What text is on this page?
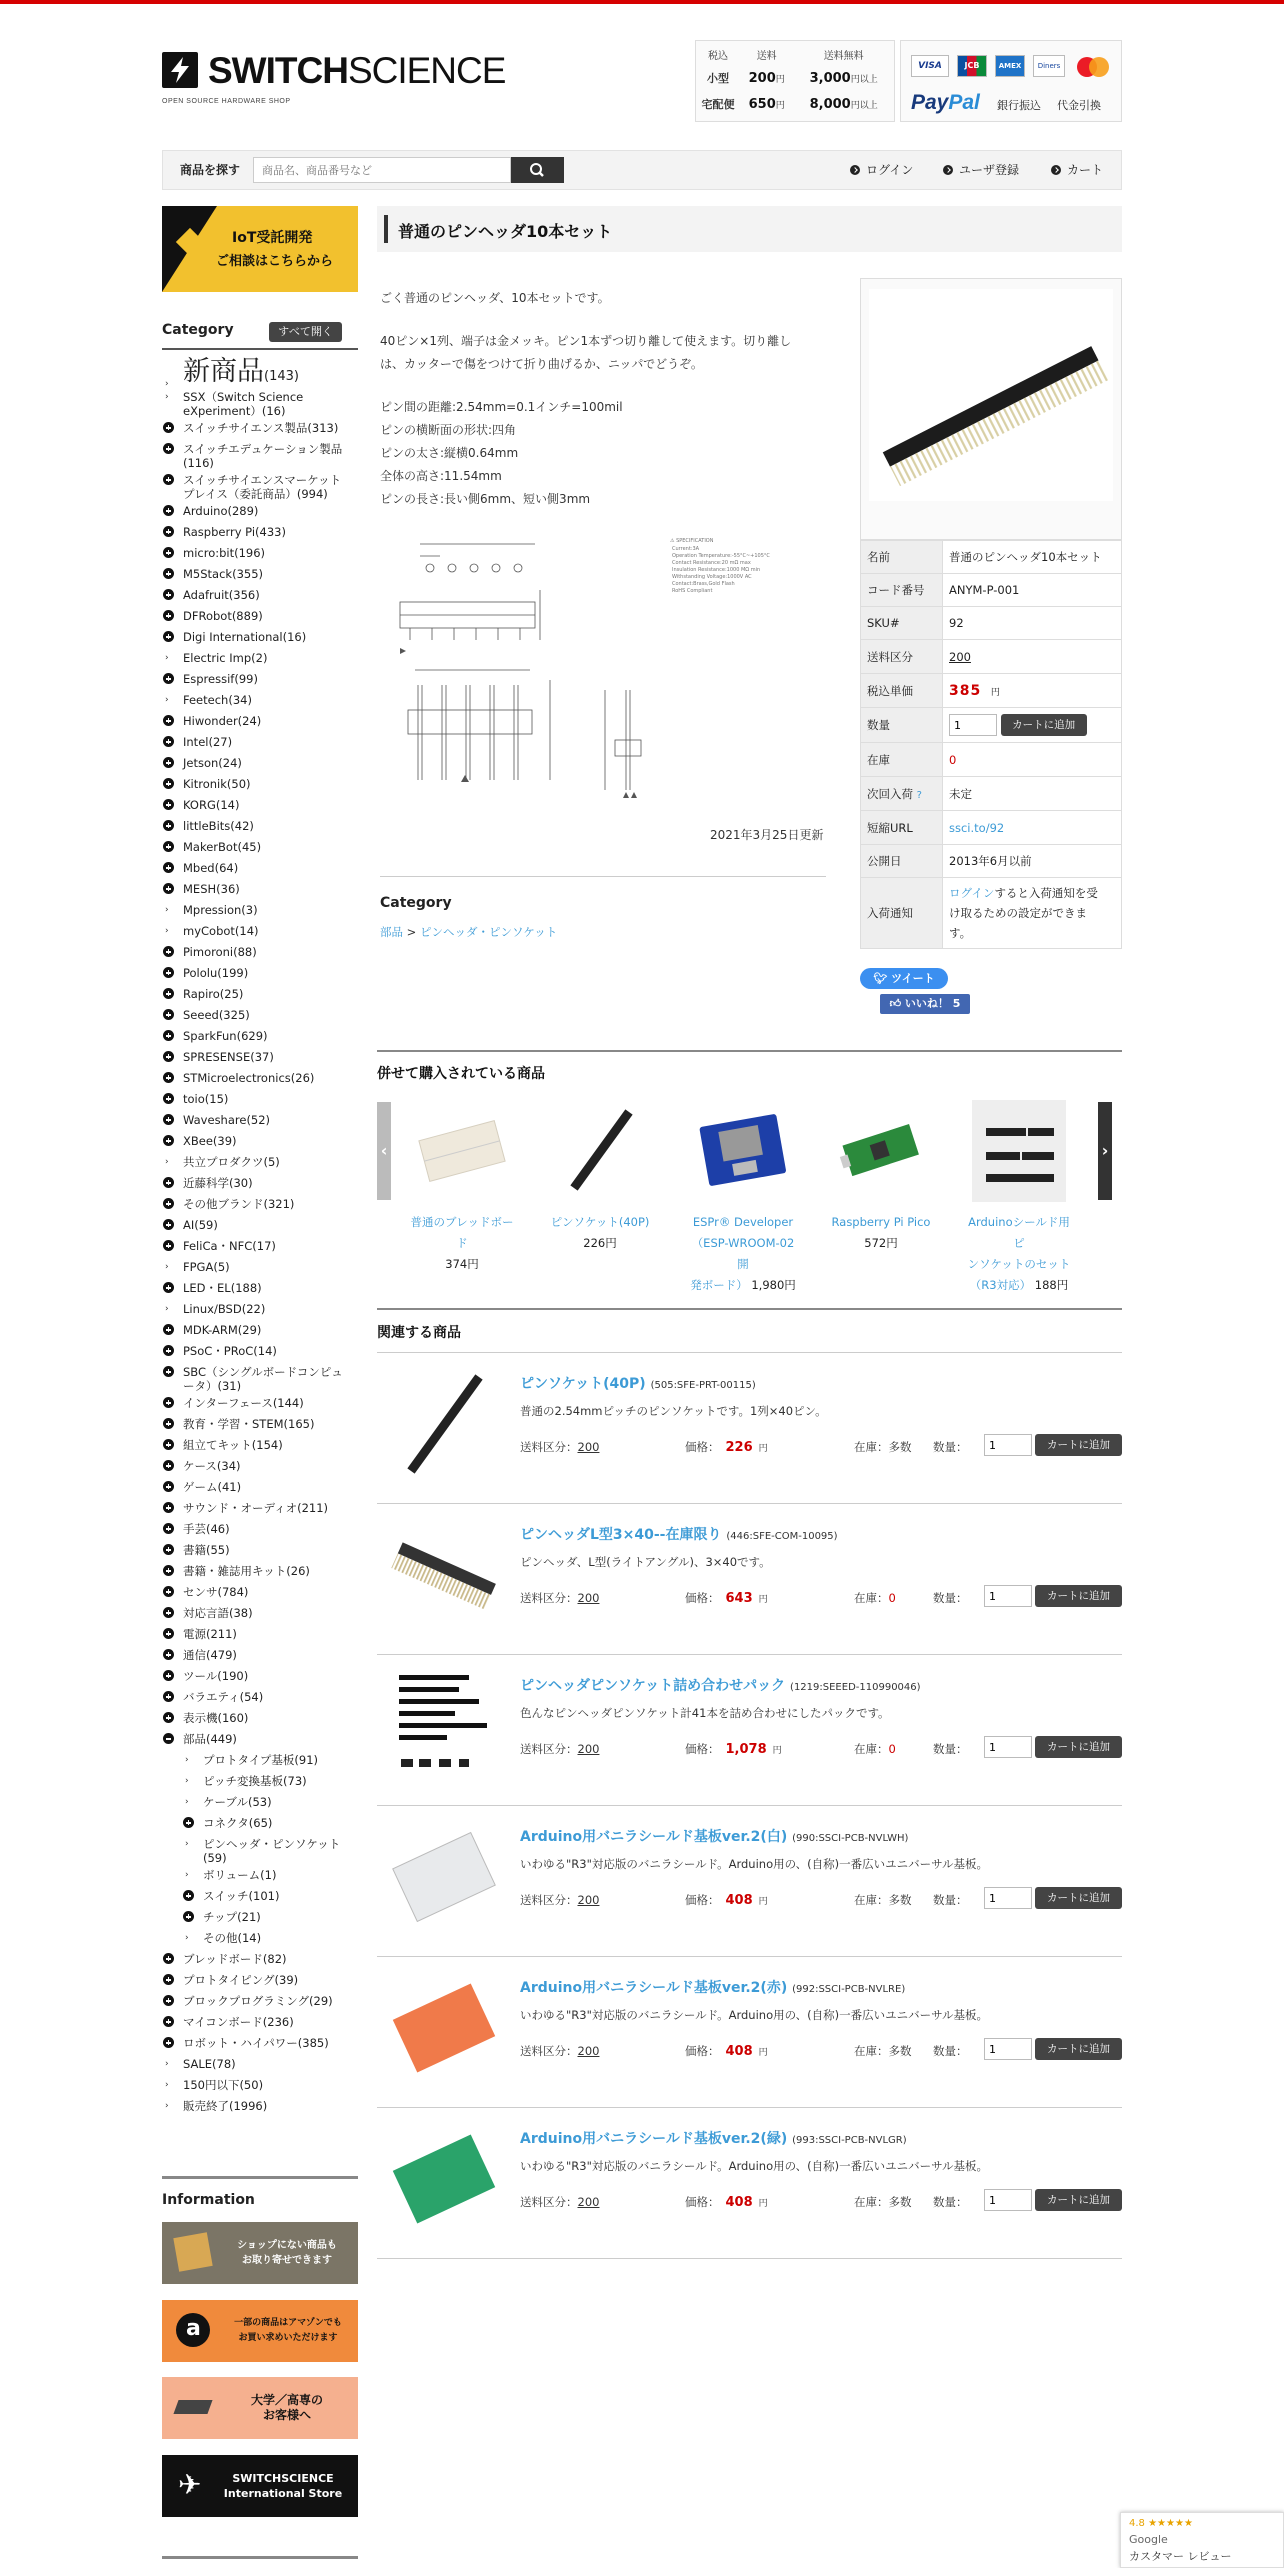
SWITCHSCIENCE
OPEN SOURCE HARDWARE SHOP
税込	送料	送料無料
小型	200円	3,000円以上
宅配便	650円	8,000円以上
VISA	JCB	AMEX	Diners
PayPal 銀行振込 代金引換
商品を探す
商品名、商品番号など	ログイン	ユーザ登録	カート
IoT受託開発
ご相談はこちらから
Category	すべて開く
› 新商品(143)
› SSX（Switch Science
eXperiment）(16)
スイッチサイエンス製品(313)
スイッチエデュケーション製品
(116)
スイッチサイエンスマーケット
プレイス（委託商品）(994)
Arduino(289)
Raspberry Pi(433)
micro:bit(196)
M5Stack(355)
Adafruit(356)
DFRobot(889)
Digi International(16)
› Electric Imp(2)
Espressif(99)
› Feetech(34)
Hiwonder(24)
Intel(27)
Jetson(24)
Kitronik(50)
KORG(14)
littleBits(42)
MakerBot(45)
Mbed(64)
MESH(36)
› Mpression(3)
› myCobot(14)
Pimoroni(88)
Pololu(199)
Rapiro(25)
Seeed(325)
SparkFun(629)
SPRESENSE(37)
STMicroelectronics(26)
toio(15)
Waveshare(52)
XBee(39)
› 共立プロダクツ(5)
近藤科学(30)
その他ブランド(321)
AI(59)
FeliCa・NFC(17)
› FPGA(5)
LED・EL(188)
› Linux/BSD(22)
MDK-ARM(29)
PSoC・PRoC(14)
SBC（シングルボードコンピュ
ータ）(31)
インターフェース(144)
教育・学習・STEM(165)
組立てキット(154)
ケース(34)
ゲーム(41)
サウンド・オーディオ(211)
手芸(46)
書籍(55)
書籍・雑誌用キット(26)
センサ(784)
対応言語(38)
電源(211)
通信(479)
ツール(190)
バラエティ(54)
表示機(160)
部品(449)
› プロトタイプ基板(91)
› ピッチ変換基板(73)
› ケーブル(53)
コネクタ(65)
› ピンヘッダ・ピンソケット
(59)
› ボリューム(1)
スイッチ(101)
チップ(21)
› その他(14)
ブレッドボード(82)
プロトタイピング(39)
ブロックプログラミング(29)
マイコンボード(236)
ロボット・ハイパワー(385)
› SALE(78)
› 150円以下(50)
› 販売終了(1996)
Information
ショップにない商品も
お取り寄せできます
a	一部の商品はアマゾンでも
お買い求めいただけます
大学／高専の
お客様へ
✈	SWITCHSCIENCE
International Store
普通のピンヘッダ10本セット
ごく普通のピンヘッダ、10本セットです。
40ピン×1列、端子は金メッキ。ピン1本ずつ切り離して使えます。切り離し
は、カッターで傷をつけて折り曲げるか、ニッパでどうぞ。
ピン間の距離:2.54mm=0.1インチ=100mil
ピンの横断面の形状:四角
ピンの太さ:縦横0.64mm
全体の高さ:11.54mm
ピンの長さ:長い側6mm、短い側3mm
⚠ SPECIFICATION
Current:3A
Operation Temperature:-55°C~+105°C
Contact Resistance:20 mΩ max
Insulation Resistance:1000 MΩ min
Withstanding Voltage:1000V AC
Contact:Brass,Gold Flash
RoHS Compliant
2021年3月25日更新
Category
部品 > ピンヘッダ・ピンソケット
名前	普通のピンヘッダ10本セット
コード番号	ANYM-P-001
SKU#	92
送料区分	200
税込単価	385 円
数量	1カートに追加
在庫	0
次回入荷 ?	未定
短縮URL	ssci.to/92
公開日	2013年6月以前
入荷通知	ログインすると入荷通知を受
け取るための設定ができま
す。
🐦︎ ツイート
👍︎ いいね！ 5
併せて購入されている商品
‹	›
普通のブレッドボード
374円
ピンソケット(40P)
226円
ESPr® Developer
（ESP-WROOM-02開
発ボード） 1,980円
Raspberry Pi Pico
572円
Arduinoシールド用ピ
ンソケットのセット
（R3対応） 188円
関連する商品
ピンソケット(40P) (505:SFE-PRT-00115)
普通の2.54mmピッチのピンソケットです。1列×40ピン。
送料区分：200	価格： 226 円	在庫：多数 数量：
1	カートに追加
ピンヘッダL型3×40--在庫限り (446:SFE-COM-10095)
ピンヘッダ、L型(ライトアングル)、3×40です。
送料区分：200	価格： 643 円	在庫：0	数量：
1	カートに追加
ピンヘッダピンソケット詰め合わせパック (1219:SEEED-110990046)
色んなピンヘッダピンソケット計41本を詰め合わせにしたパックです。
送料区分：200	価格： 1,078 円	在庫：0	数量：
1	カートに追加
Arduino用バニラシールド基板ver.2(白) (990:SSCI-PCB-NVLWH)
いわゆる"R3"対応版のバニラシールド。Arduino用の、(自称)一番広いユニバーサル基板。
送料区分：200	価格： 408 円	在庫：多数 数量：
1	カートに追加
Arduino用バニラシールド基板ver.2(赤) (992:SSCI-PCB-NVLRE)
いわゆる"R3"対応版のバニラシールド。Arduino用の、(自称)一番広いユニバーサル基板。
送料区分：200	価格： 408 円	在庫：多数 数量：
1	カートに追加
Arduino用バニラシールド基板ver.2(緑) (993:SSCI-PCB-NVLGR)
いわゆる"R3"対応版のバニラシールド。Arduino用の、(自称)一番広いユニバーサル基板。
送料区分：200	価格： 408 円	在庫：多数 数量：
1	カートに追加
4.8 ★★★★★
Google
カスタマー レビュー
